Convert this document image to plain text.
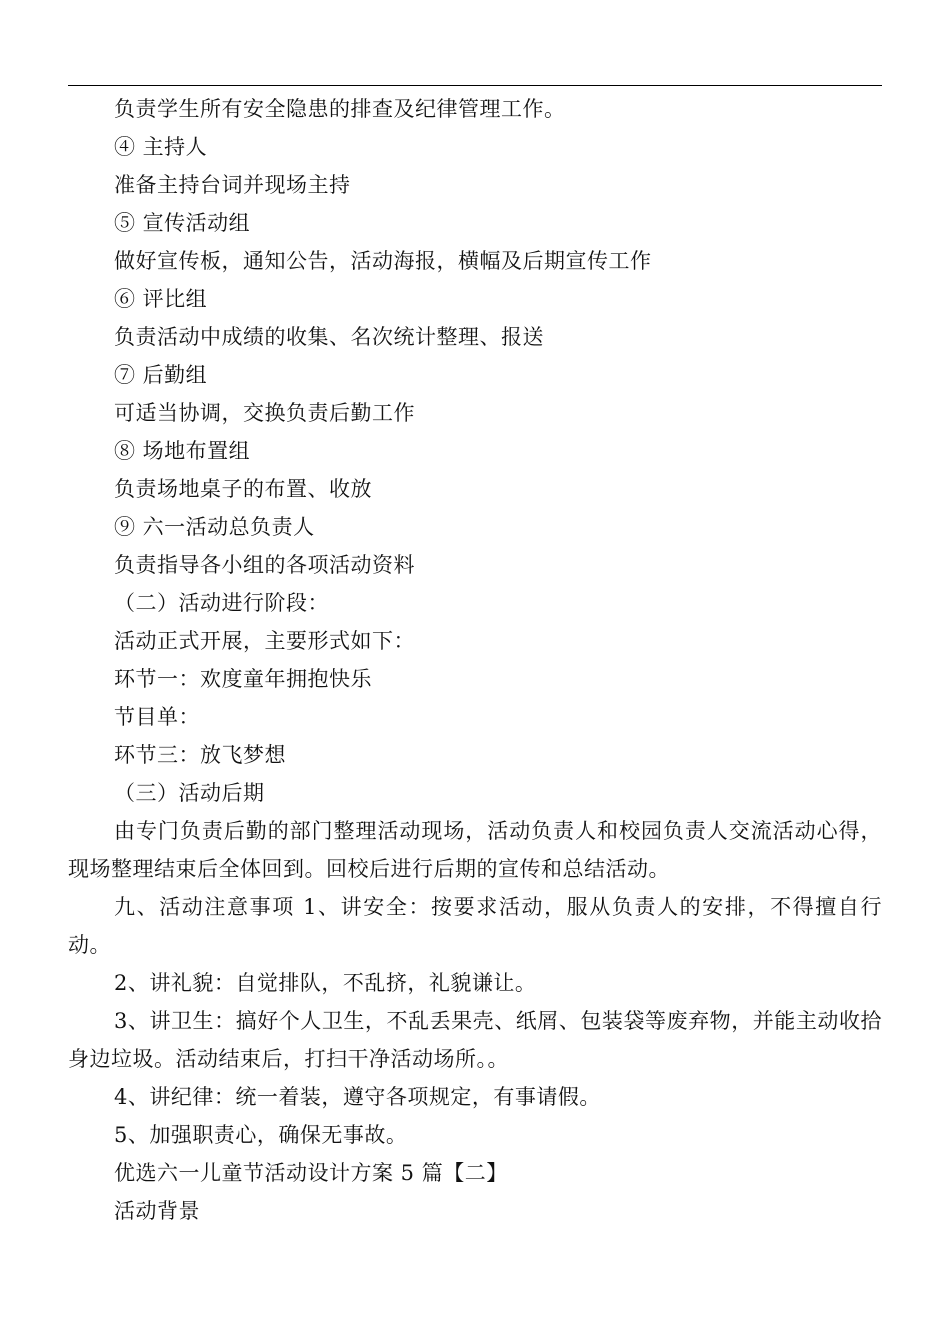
负责学生所有安全隐患的排查及纪律管理工作。
④ 主持人
准备主持台词并现场主持
⑤ 宣传活动组
做好宣传板，通知公告，活动海报，横幅及后期宣传工作
⑥ 评比组
负责活动中成绩的收集、名次统计整理、报送
⑦ 后勤组
可适当协调，交换负责后勤工作
⑧ 场地布置组
负责场地桌子的布置、收放
⑨ 六一活动总负责人
负责指导各小组的各项活动资料
（二）活动进行阶段：
活动正式开展，主要形式如下：
环节一：欢度童年拥抱快乐
节目单：
环节三：放飞梦想
（三）活动后期

由专门负责后勤的部门整理活动现场，活动负责人和校园负责人交流活动心得，现场整理结束后全体回到。回校后进行后期的宣传和总结活动。

九、活动注意事项 1、讲安全：按要求活动，服从负责人的安排，不得擅自行动。

2、讲礼貌：自觉排队，不乱挤，礼貌谦让。

3、讲卫生：搞好个人卫生，不乱丢果壳、纸屑、包装袋等废弃物，并能主动收拾身边垃圾。活动结束后，打扫干净活动场所。。

4、讲纪律：统一着装，遵守各项规定，有事请假。

5、加强职责心，确保无事故。

优选六一儿童节活动设计方案 5 篇【二】

活动背景
